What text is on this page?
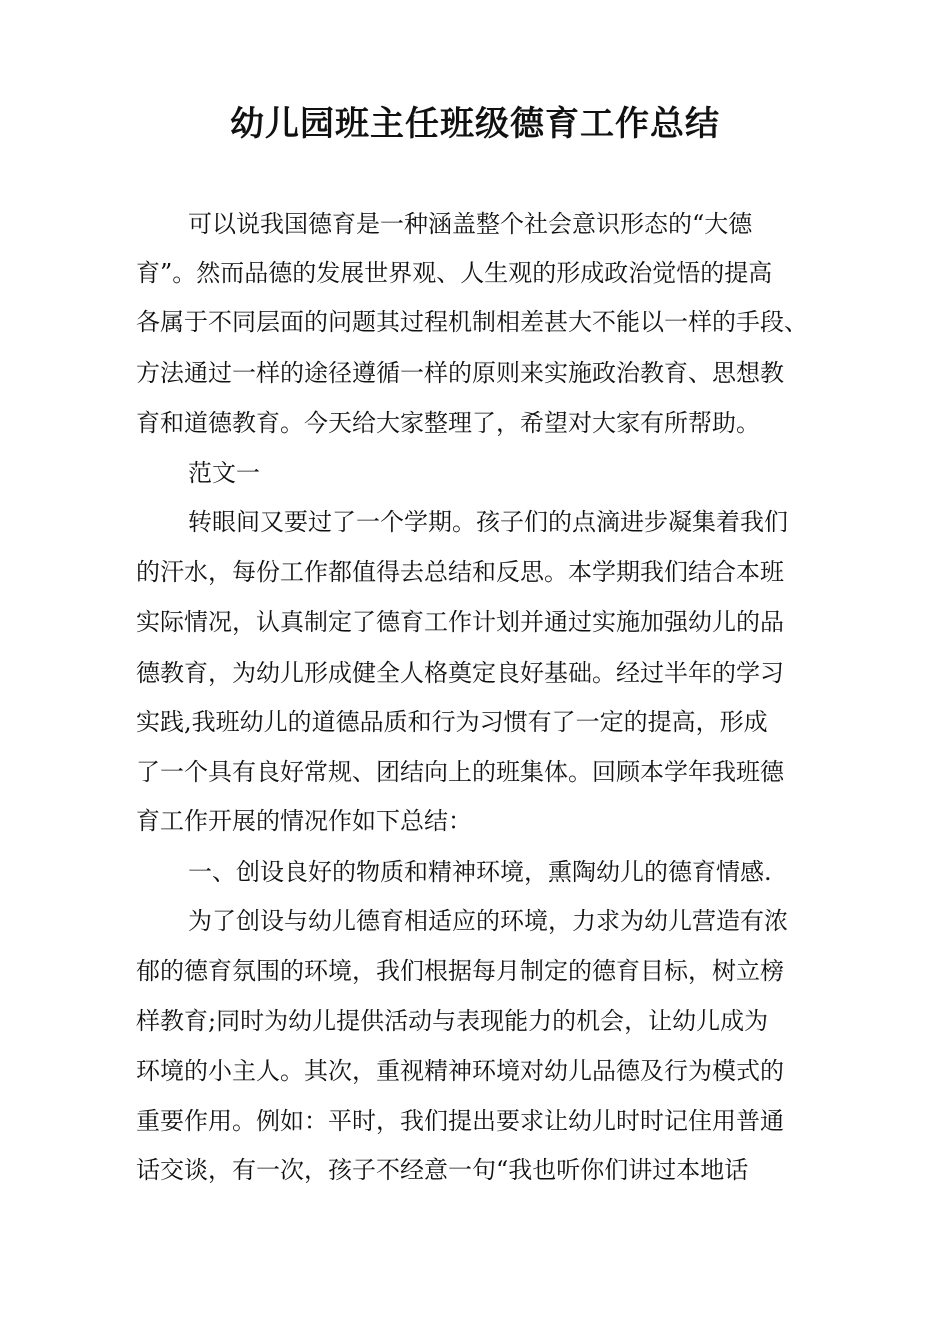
幼儿园班主任班级德育工作总结
可以说我国德育是一种涵盖整个社会意识形态的“大德
育”。然而品德的发展世界观、人生观的形成政治觉悟的提高
各属于不同层面的问题其过程机制相差甚大不能以一样的手段、
方法通过一样的途径遵循一样的原则来实施政治教育、思想教
育和道德教育。今天给大家整理了，希望对大家有所帮助。
范文一
转眼间又要过了一个学期。孩子们的点滴进步凝集着我们
的汗水，每份工作都值得去总结和反思。本学期我们结合本班
实际情况，认真制定了德育工作计划并通过实施加强幼儿的品
德教育，为幼儿形成健全人格奠定良好基础。经过半年的学习
实践,我班幼儿的道德品质和行为习惯有了一定的提高，形成
了一个具有良好常规、团结向上的班集体。回顾本学年我班德
育工作开展的情况作如下总结：
一、创设良好的物质和精神环境，熏陶幼儿的德育情感.
为了创设与幼儿德育相适应的环境，力求为幼儿营造有浓
郁的德育氛围的环境，我们根据每月制定的德育目标，树立榜
样教育;同时为幼儿提供活动与表现能力的机会，让幼儿成为
环境的小主人。其次，重视精神环境对幼儿品德及行为模式的
重要作用。例如：平时，我们提出要求让幼儿时时记住用普通
话交谈，有一次，孩子不经意一句“我也听你们讲过本地话
